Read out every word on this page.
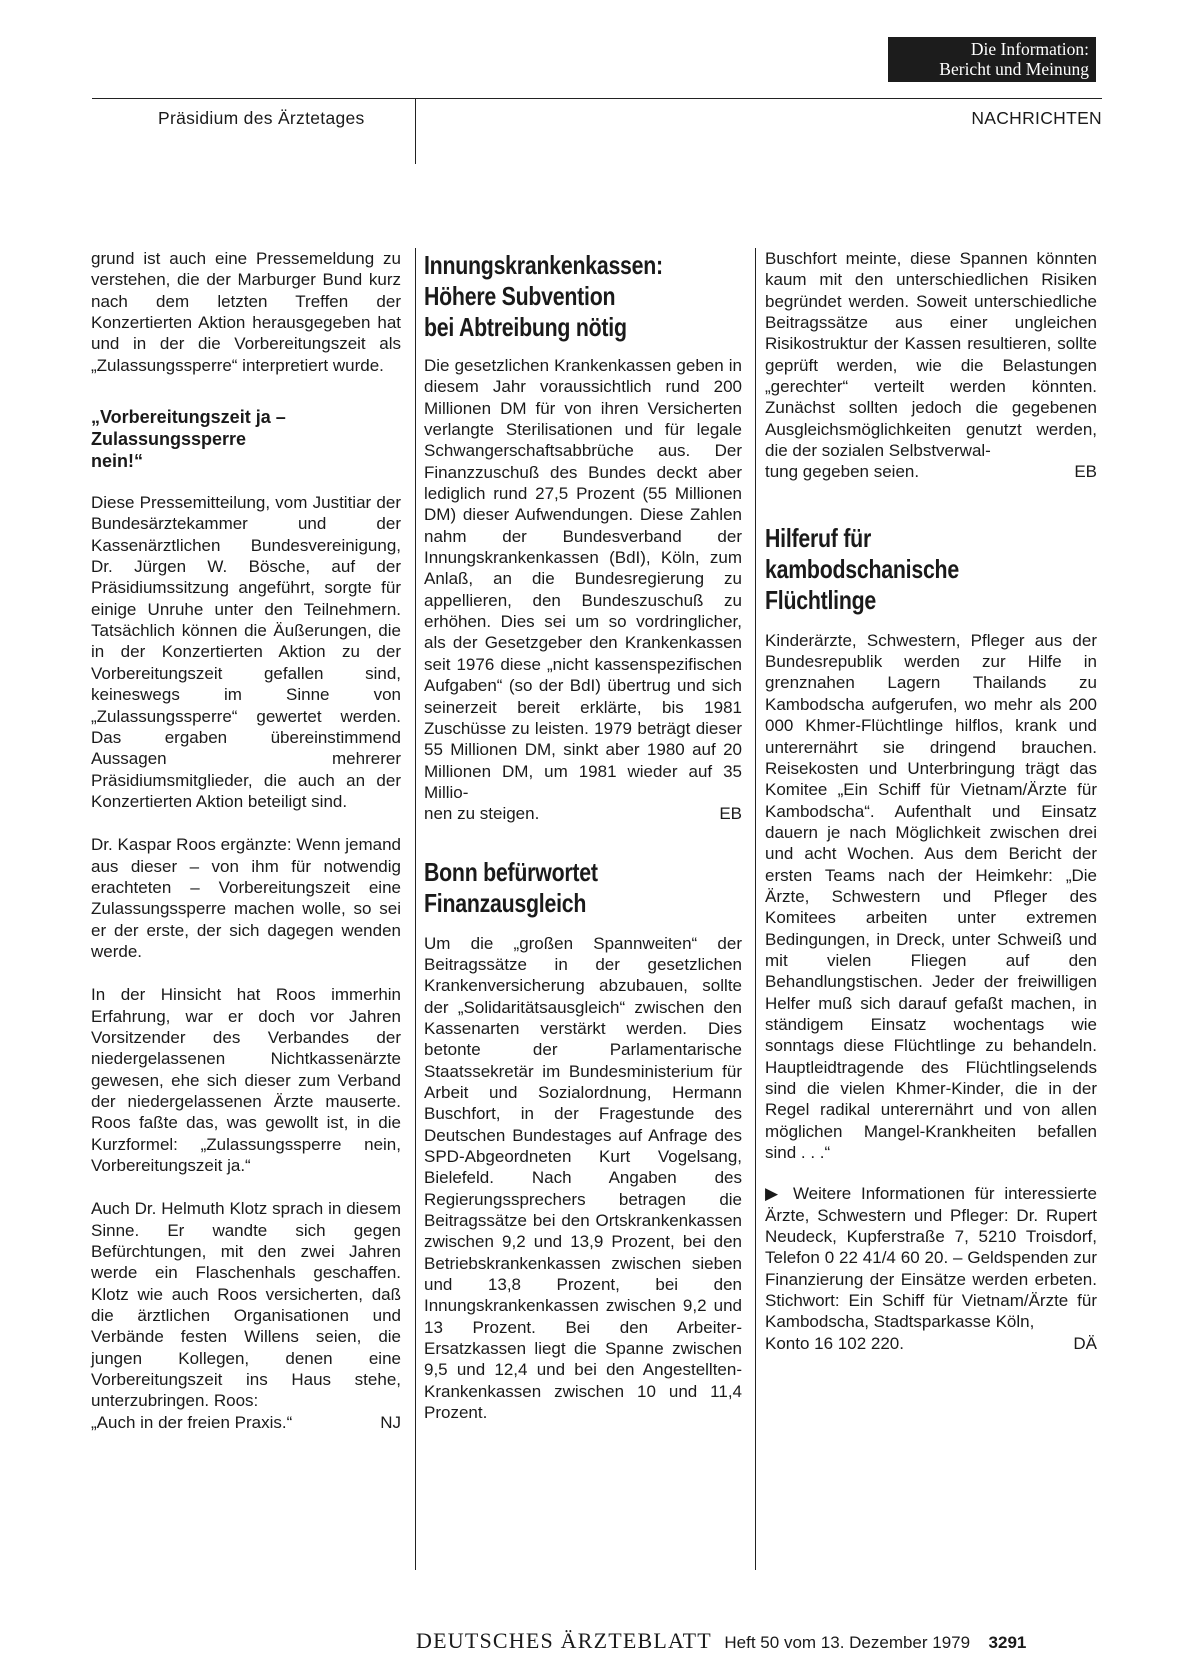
Die Information:
Bericht und Meinung
Präsidium des Ärztetages	NACHRICHTEN

grund ist auch eine Pressemeldung zu verstehen, die der Marburger Bund kurz nach dem letzten Treffen der Konzertierten Aktion herausgegeben hat und in der die Vorbereitungszeit als „Zulassungssperre“ interpretiert wurde.

„Vorbereitungszeit ja – Zulassungssperre nein!“

Diese Pressemitteilung, vom Justitiar der Bundesärztekammer und der Kassenärztlichen Bundesvereinigung, Dr. Jürgen W. Bösche, auf der Präsidiumssitzung angeführt, sorgte für einige Unruhe unter den Teilnehmern. Tatsächlich können die Äußerungen, die in der Konzertierten Aktion zu der Vorbereitungszeit gefallen sind, keineswegs im Sinne von „Zulassungssperre“ gewertet werden. Das ergaben übereinstimmend Aussagen mehrerer Präsidiumsmitglieder, die auch an der Konzertierten Aktion beteiligt sind.

Dr. Kaspar Roos ergänzte: Wenn jemand aus dieser – von ihm für notwendig erachteten – Vorbereitungszeit eine Zulassungssperre machen wolle, so sei er der erste, der sich dagegen wenden werde.

In der Hinsicht hat Roos immerhin Erfahrung, war er doch vor Jahren Vorsitzender des Verbandes der niedergelassenen Nichtkassenärzte gewesen, ehe sich dieser zum Verband der niedergelassenen Ärzte mauserte. Roos faßte das, was gewollt ist, in die Kurzformel: „Zulassungssperre nein, Vorbereitungszeit ja.“

Auch Dr. Helmuth Klotz sprach in diesem Sinne. Er wandte sich gegen Befürchtungen, mit den zwei Jahren werde ein Flaschenhals geschaffen. Klotz wie auch Roos versicherten, daß die ärztlichen Organisationen und Verbände festen Willens seien, die jungen Kollegen, denen eine Vorbereitungszeit ins Haus stehe, unterzubringen. Roos:

„Auch in der freien Praxis.“	NJ
Innungskrankenkassen:
Höhere Subvention
bei Abtreibung nötig

Die gesetzlichen Krankenkassen geben in diesem Jahr voraussichtlich rund 200 Millionen DM für von ihren Versicherten verlangte Sterilisationen und für legale Schwangerschaftsabbrüche aus. Der Finanzzuschuß des Bundes deckt aber lediglich rund 27,5 Prozent (55 Millionen DM) dieser Aufwendungen. Diese Zahlen nahm der Bundesverband der Innungskrankenkassen (BdI), Köln, zum Anlaß, an die Bundesregierung zu appellieren, den Bundeszuschuß zu erhöhen. Dies sei um so vordringlicher, als der Gesetzgeber den Krankenkassen seit 1976 diese „nicht kassenspezifischen Aufgaben“ (so der BdI) übertrug und sich seinerzeit bereit erklärte, bis 1981 Zuschüsse zu leisten. 1979 beträgt dieser 55 Millionen DM, sinkt aber 1980 auf 20 Millionen DM, um 1981 wieder auf 35 Millio-

nen zu steigen.	EB
Bonn befürwortet
Finanzausgleich

Um die „großen Spannweiten“ der Beitragssätze in der gesetzlichen Krankenversicherung abzubauen, sollte der „Solidaritätsausgleich“ zwischen den Kassenarten verstärkt werden. Dies betonte der Parlamentarische Staatssekretär im Bundesministerium für Arbeit und Sozialordnung, Hermann Buschfort, in der Fragestunde des Deutschen Bundestages auf Anfrage des SPD-Abgeordneten Kurt Vogelsang, Bielefeld. Nach Angaben des Regierungssprechers betragen die Beitragssätze bei den Ortskrankenkassen zwischen 9,2 und 13,9 Prozent, bei den Betriebskrankenkassen zwischen sieben und 13,8 Prozent, bei den Innungskrankenkassen zwischen 9,2 und 13 Prozent. Bei den Arbeiter-Ersatzkassen liegt die Spanne zwischen 9,5 und 12,4 und bei den Angestellten-Krankenkassen zwischen 10 und 11,4 Prozent.

Buschfort meinte, diese Spannen könnten kaum mit den unterschiedlichen Risiken begründet werden. Soweit unterschiedliche Beitragssätze aus einer ungleichen Risikostruktur der Kassen resultieren, sollte geprüft werden, wie die Belastungen „gerechter“ verteilt werden könnten. Zunächst sollten jedoch die gegebenen Ausgleichsmöglichkeiten genutzt werden, die der sozialen Selbstverwal-

tung gegeben seien.	EB
Hilferuf für
kambodschanische
Flüchtlinge

Kinderärzte, Schwestern, Pfleger aus der Bundesrepublik werden zur Hilfe in grenznahen Lagern Thailands zu Kambodscha aufgerufen, wo mehr als 200 000 Khmer-Flüchtlinge hilflos, krank und unterernährt sie dringend brauchen. Reisekosten und Unterbringung trägt das Komitee „Ein Schiff für Vietnam/Ärzte für Kambodscha“. Aufenthalt und Einsatz dauern je nach Möglichkeit zwischen drei und acht Wochen. Aus dem Bericht der ersten Teams nach der Heimkehr: „Die Ärzte, Schwestern und Pfleger des Komitees arbeiten unter extremen Bedingungen, in Dreck, unter Schweiß und mit vielen Fliegen auf den Behandlungstischen. Jeder der freiwilligen Helfer muß sich darauf gefaßt machen, in ständigem Einsatz wochentags wie sonntags diese Flüchtlinge zu behandeln. Hauptleidtragende des Flüchtlingselends sind die vielen Khmer-Kinder, die in der Regel radikal unterernährt und von allen möglichen Mangel-Krankheiten befallen sind . . .“

▶ Weitere Informationen für interessierte Ärzte, Schwestern und Pfleger: Dr. Rupert Neudeck, Kupferstraße 7, 5210 Troisdorf, Telefon 0 22 41/4 60 20. – Geldspenden zur Finanzierung der Einsätze werden erbeten. Stichwort: Ein Schiff für Vietnam/Ärzte für Kambodscha, Stadtsparkasse Köln,

Konto 16 102 220.	DÄ
DEUTSCHES ÄRZTEBLATT Heft 50 vom 13. Dezember 1979 3291
